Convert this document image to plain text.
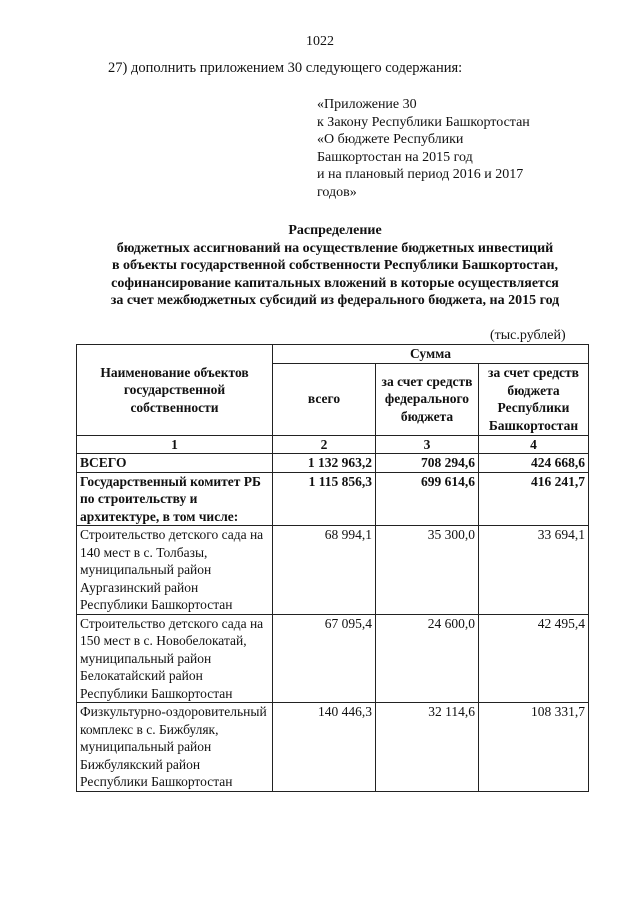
1022
27) дополнить приложением 30 следующего содержания:
«Приложение 30
к Закону Республики Башкортостан
«О бюджете Республики
Башкортостан на 2015 год
и на плановый период 2016 и 2017
годов»
Распределение
бюджетных ассигнований на осуществление бюджетных инвестиций
в объекты государственной собственности Республики Башкортостан,
софинансирование капитальных вложений в которые осуществляется
за счет межбюджетных субсидий из федерального бюджета, на 2015 год
(тыс.рублей)
Наименование объектов государственной собственности	Сумма		
	всего	за счет средств федерального бюджета	за счет средств бюджета Республики Башкортостан
1	2	3	4
ВСЕГО	1 132 963,2	708 294,6	424 668,6
Государственный комитет РБ по строительству и архитектуре, в том числе:	1 115 856,3	699 614,6	416 241,7
Строительство детского сада на 140 мест в с. Толбазы, муниципальный район Аургазинский район Республики Башкортостан	68 994,1	35 300,0	33 694,1
Строительство детского сада на 150 мест в с. Новобелокатай, муниципальный район Белокатайский район Республики Башкортостан	67 095,4	24 600,0	42 495,4
Физкультурно-оздоровительный комплекс в с. Бижбуляк, муниципальный район Бижбулякский район Республики Башкортостан	140 446,3	32 114,6	108 331,7
